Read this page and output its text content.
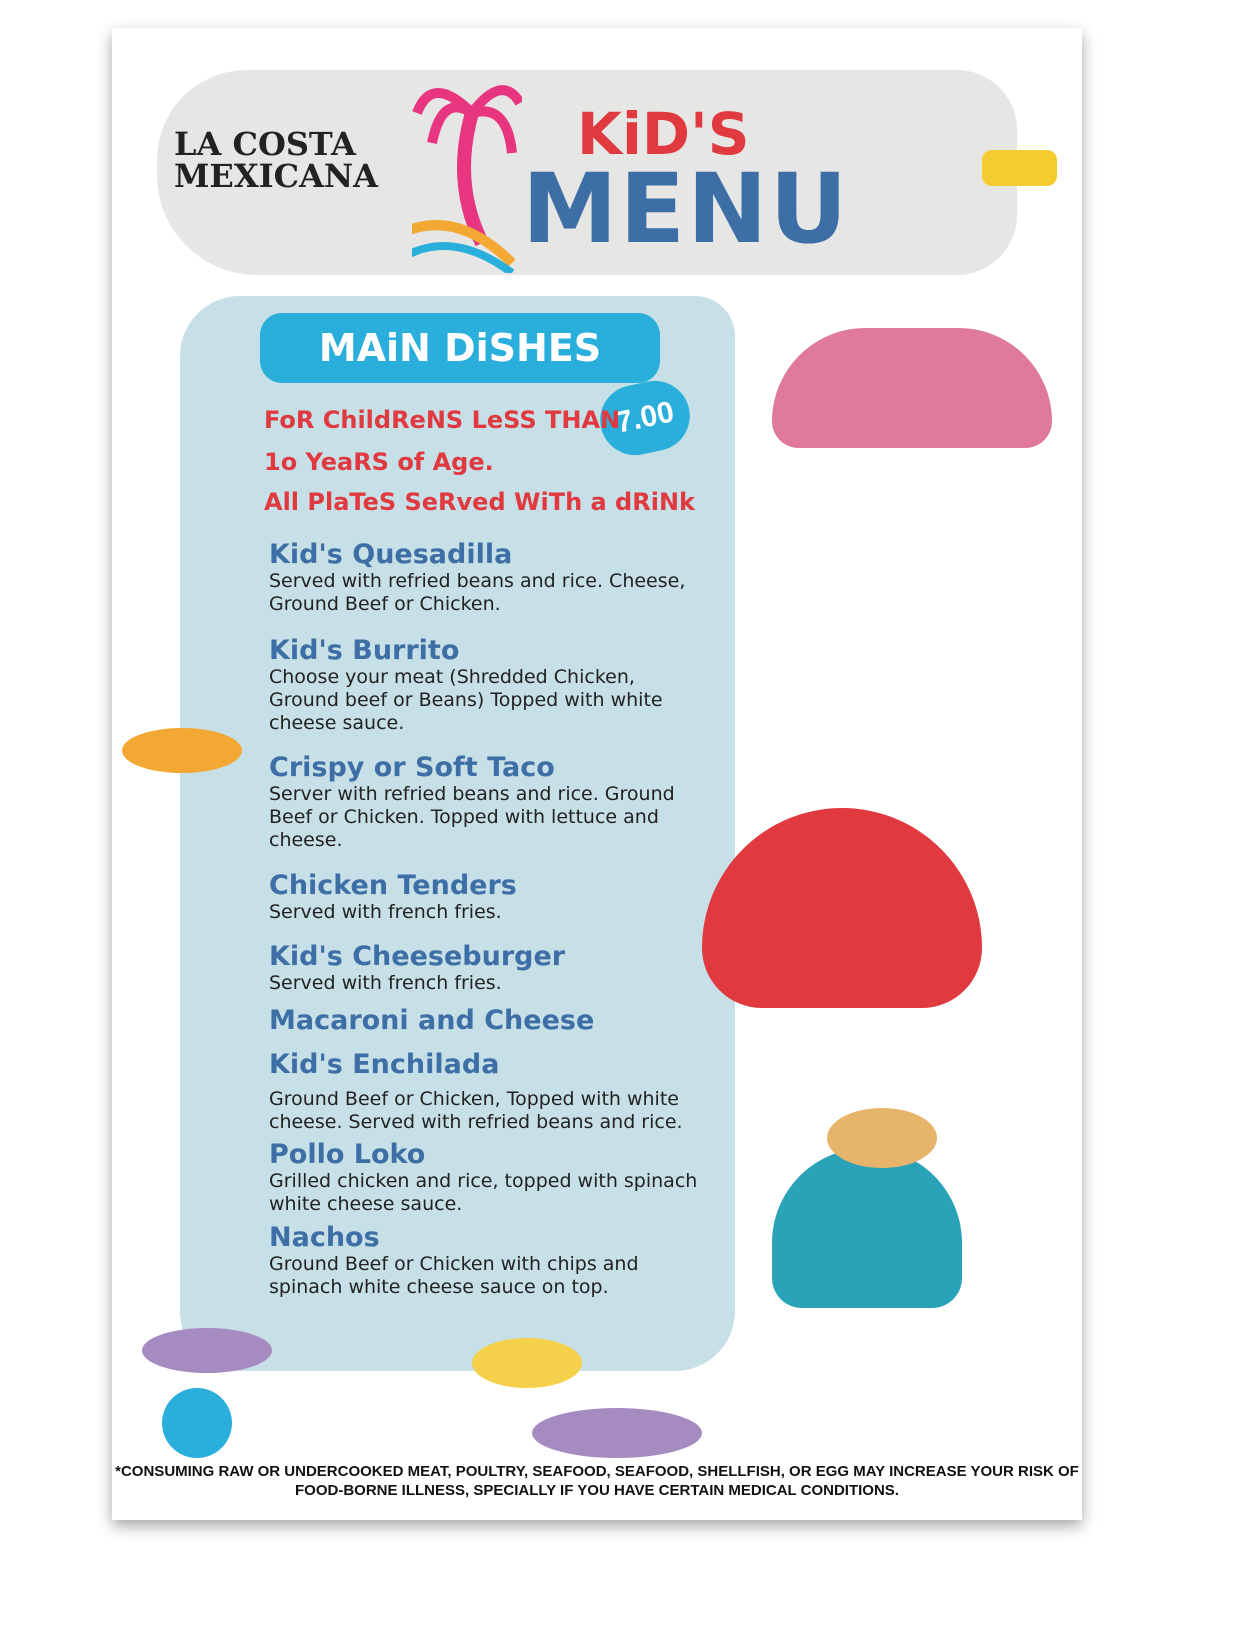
LA COSTA
MEXICANA
KiD'S
MENU
MAiN DiSHES
7.00
FoR ChildReNS LeSS THAN
1o YeaRS of Age.
All PlaTeS SeRved WiTh a dRiNk
Kid's Quesadilla

Served with refried beans and rice. Cheese, Ground Beef or Chicken.

Kid's Burrito

Choose your meat (Shredded Chicken, Ground beef or Beans) Topped with white cheese sauce.

Crispy or Soft Taco

Server with refried beans and rice. Ground Beef or Chicken. Topped with lettuce and cheese.

Chicken Tenders

Served with french fries.

Kid's Cheeseburger

Served with french fries.

Macaroni and Cheese
Kid's Enchilada

Ground Beef or Chicken, Topped with white cheese. Served with refried beans and rice.

Pollo Loko

Grilled chicken and rice, topped with spinach white cheese sauce.

Nachos

Ground Beef or Chicken with chips and spinach white cheese sauce on top.

*CONSUMING RAW OR UNDERCOOKED MEAT, POULTRY, SEAFOOD, SEAFOOD, SHELLFISH, OR EGG MAY INCREASE YOUR RISK OF FOOD-BORNE ILLNESS, SPECIALLY IF YOU HAVE CERTAIN MEDICAL CONDITIONS.
